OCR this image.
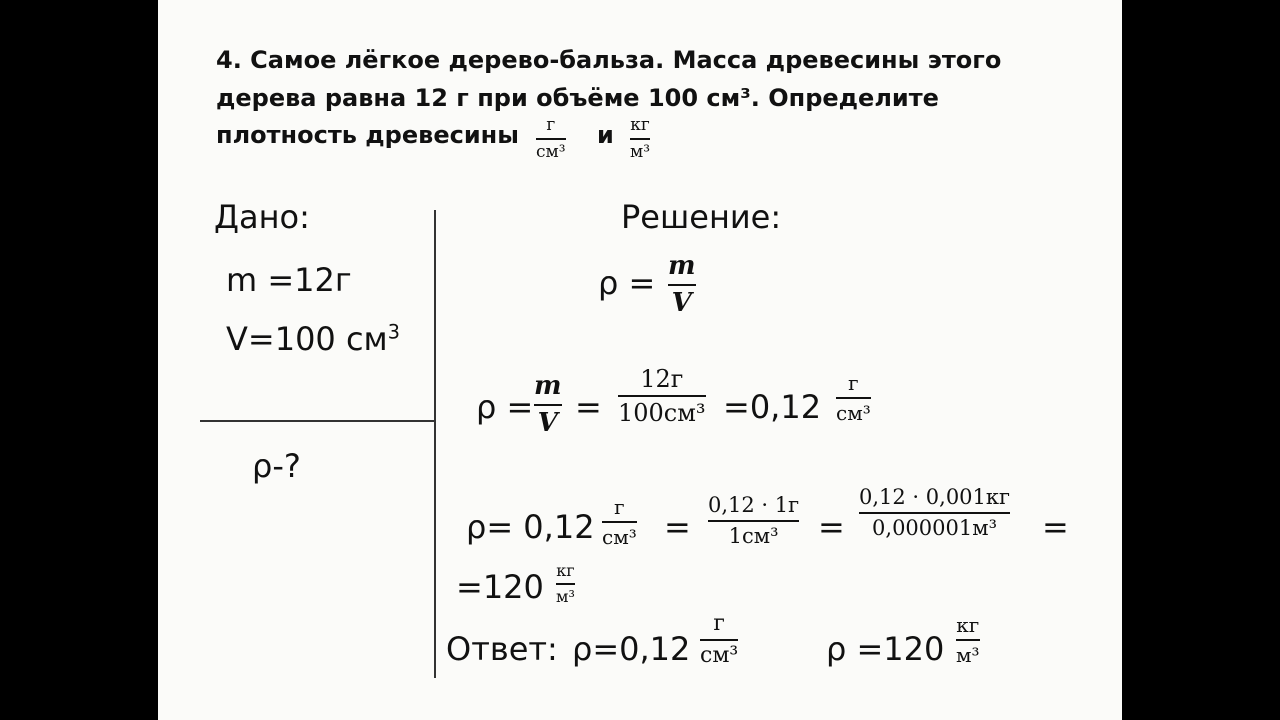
4. Самое лёгкое дерево-бальза. Масса древесины этого
дерева равна 12 г при объёме 100 см³. Определите
плотность древесины г
см³
и кг
м³
Дано:
m =12г
V=100 $см^3$
ρ-?
Решение:
ρ = m
V
ρ =
m
V =
12г
100см³ =0,12
г
см³
ρ= 0,12
г
см³ =
0,12 · 1г
1см³ =
0,12 · 0,001кг
0,000001м³ =
=120 кг
м³
Ответ: ρ=0,12
г
см³	ρ =120
кг
м³
